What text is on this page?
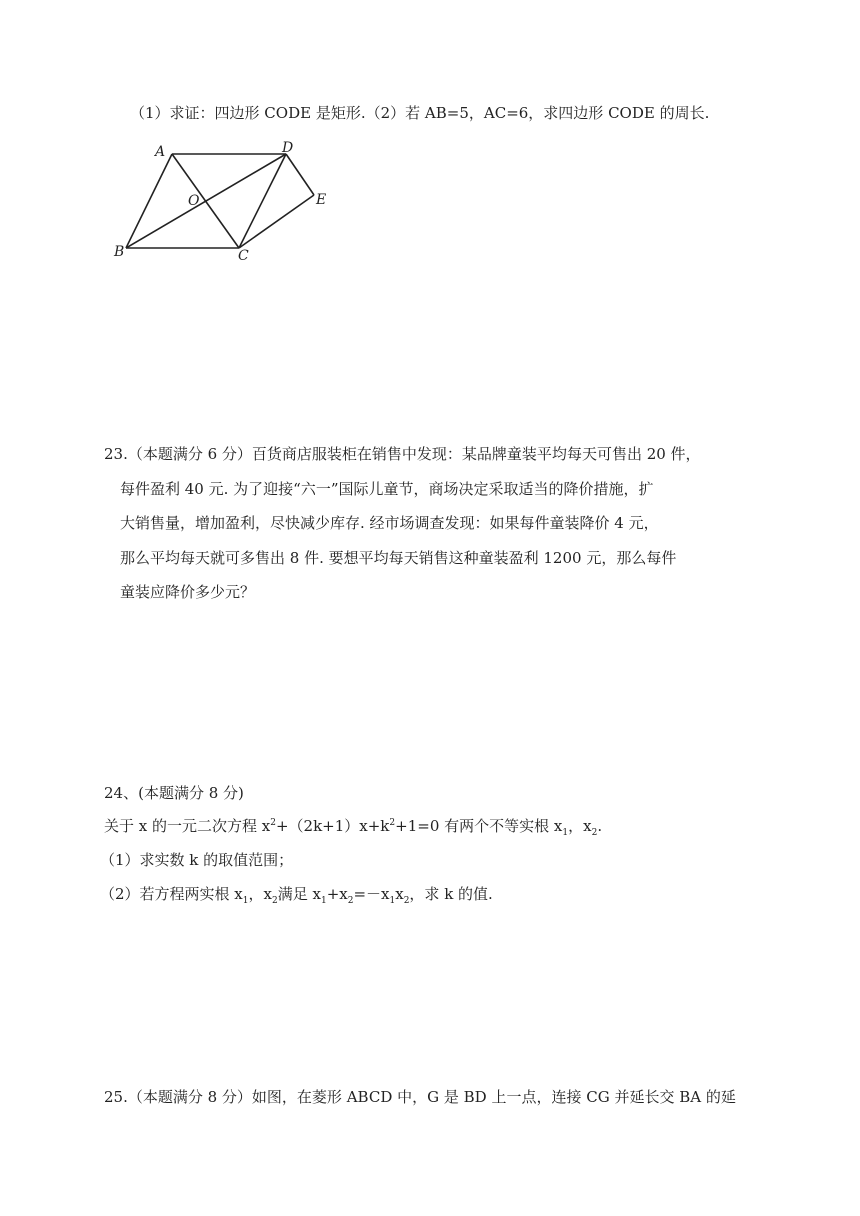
（1）求证：四边形 CODE 是矩形.（2）若 AB=5，AC=6，求四边形 CODE 的周长.
A	D
O	E
B	C
23.（本题满分 6 分）百货商店服装柜在销售中发现：某品牌童装平均每天可售出 20 件，
每件盈利 40 元. 为了迎接“六一”国际儿童节，商场决定采取适当的降价措施，扩
大销售量，增加盈利，尽快减少库存. 经市场调查发现：如果每件童装降价 4 元，
那么平均每天就可多售出 8 件. 要想平均每天销售这种童装盈利 1200 元，那么每件
童装应降价多少元？
24、(本题满分 8 分)
关于 x 的一元二次方程 $x^2+(2k+1)x+k^2+1=0$ 有两个不等实根 $x_1$，$x_2$.
（1）求实数 k 的取值范围；
（2）若方程两实根 $x_1$，$x_2$满足 $x_1+x_2=-x_1x_2$，求 k 的值.
25.（本题满分 8 分）如图，在菱形 ABCD 中，G 是 BD 上一点，连接 CG 并延长交 BA 的延
